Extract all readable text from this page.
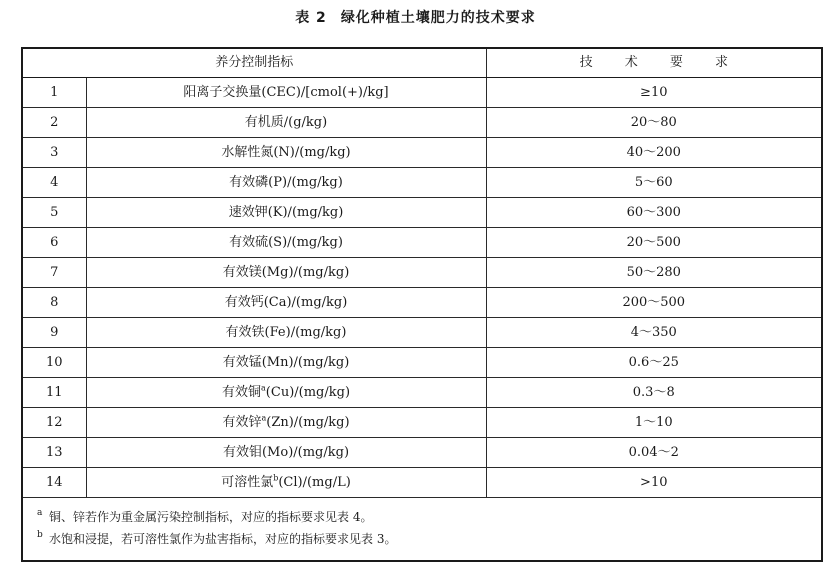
表 2 绿化种植土壤肥力的技术要求
养分控制指标		技 术 要 求
1	阳离子交换量(CEC)/[cmol(+)/kg]	≥10
2	有机质/(g/kg)	20～80
3	水解性氮(N)/(mg/kg)	40～200
4	有效磷(P)/(mg/kg)	5～60
5	速效钾(K)/(mg/kg)	60～300
6	有效硫(S)/(mg/kg)	20～500
7	有效镁(Mg)/(mg/kg)	50～280
8	有效钙(Ca)/(mg/kg)	200～500
9	有效铁(Fe)/(mg/kg)	4～350
10	有效锰(Mn)/(mg/kg)	0.6～25
11	有效铜$^a$(Cu)/(mg/kg)	0.3～8
12	有效锌$^a$(Zn)/(mg/kg)	1～10
13	有效钼(Mo)/(mg/kg)	0.04～2
14	可溶性氯$^b$(Cl)/(mg/L)	>10

a 铜、锌若作为重金属污染控制指标，对应的指标要求见表 4。
b 水饱和浸提，若可溶性氯作为盐害指标，对应的指标要求见表 3。		
